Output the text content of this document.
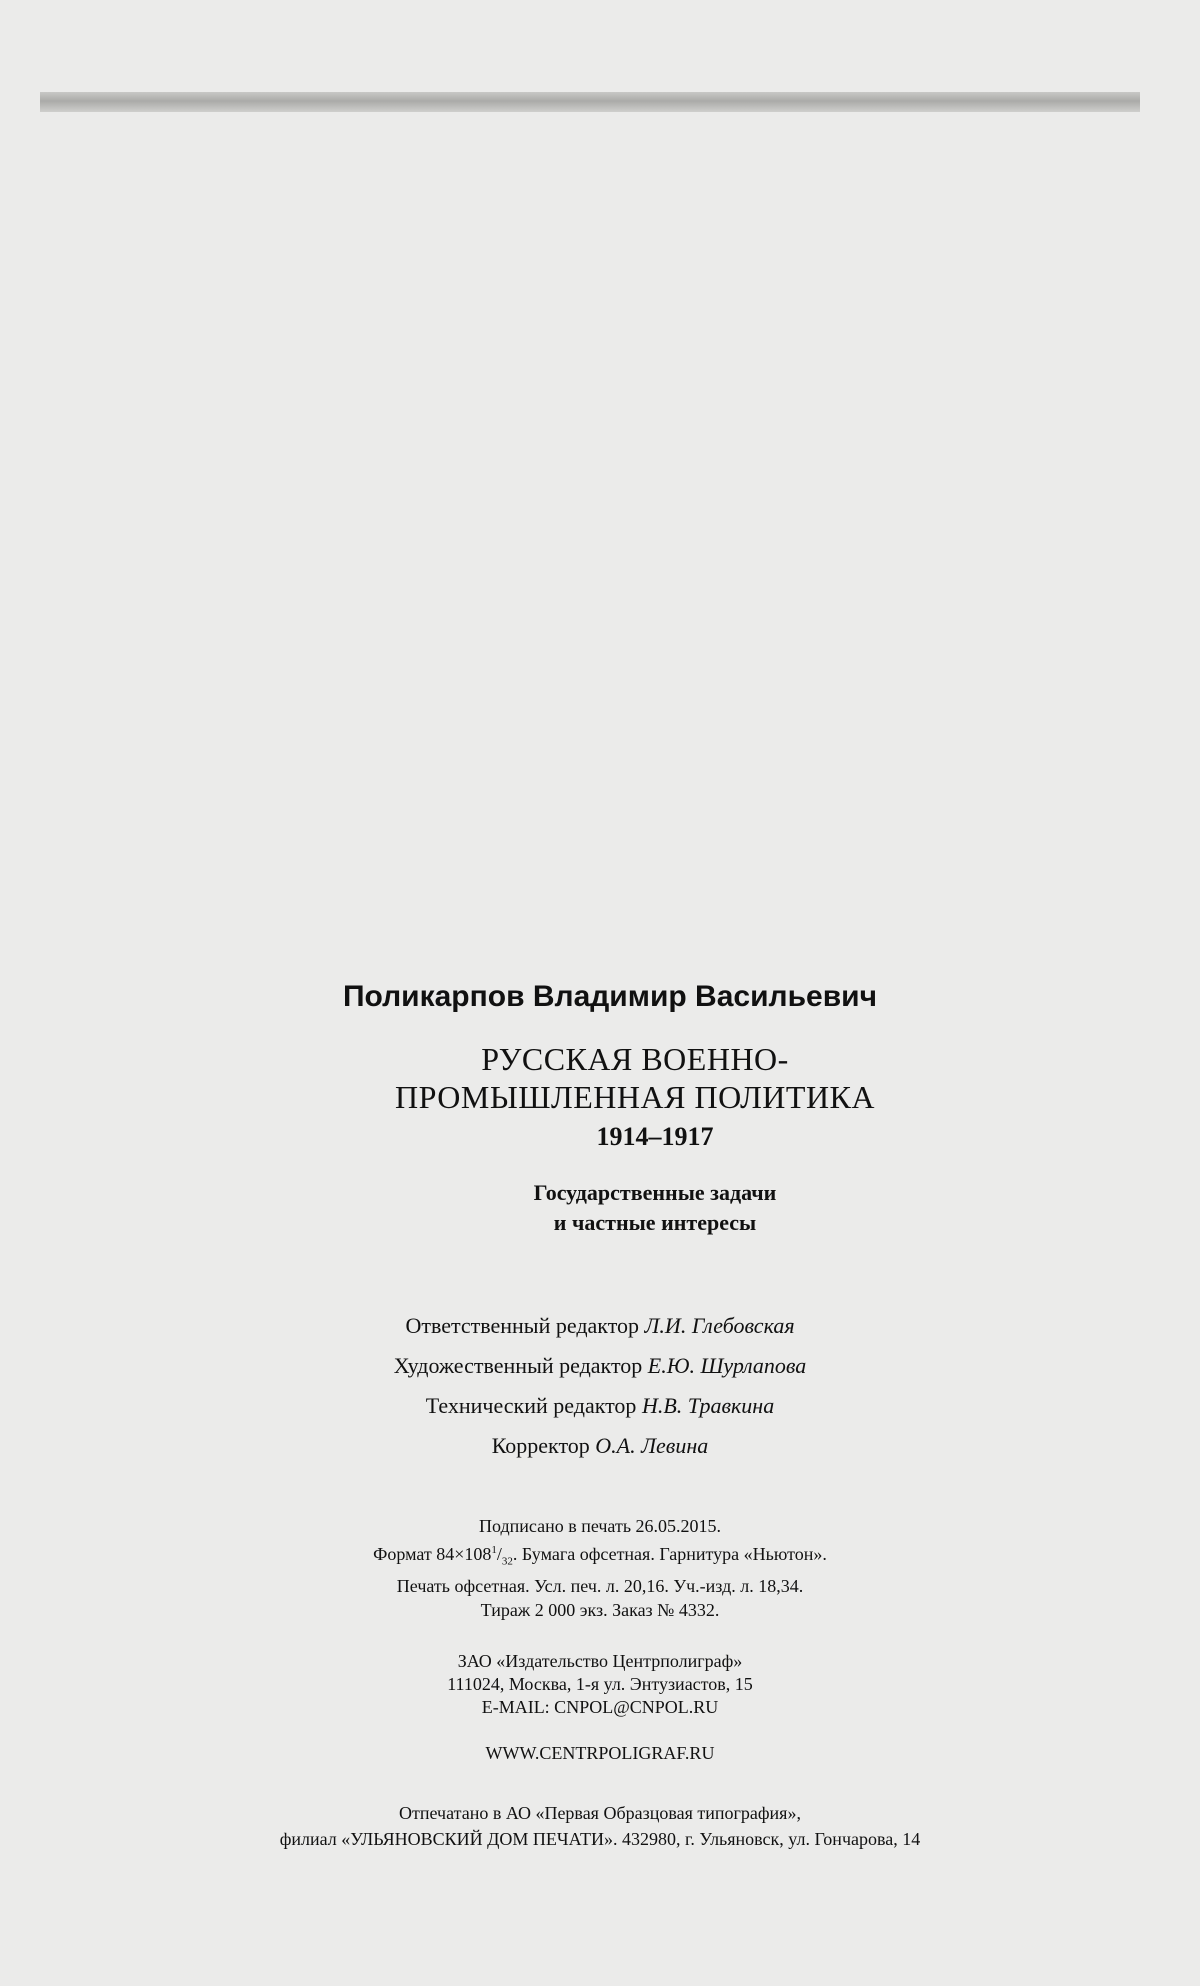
Поликарпов Владимир Васильевич
РУССКАЯ ВОЕННО-
ПРОМЫШЛЕННАЯ ПОЛИТИКА
1914–1917
Государственные задачи
и частные интересы
Ответственный редактор Л.И. Глебовская
Художественный редактор Е.Ю. Шурлапова
Технический редактор Н.В. Травкина
Корректор О.А. Левина
Подписано в печать 26.05.2015.
Формат $84\times 108^1/_{32}$. Бумага офсетная. Гарнитура «Ньютон».
Печать офсетная. Усл. печ. л. 20,16. Уч.-изд. л. 18,34.
Тираж 2 000 экз. Заказ № 4332.
ЗАО «Издательство Центрполиграф»
111024, Москва, 1-я ул. Энтузиастов, 15
E-MAIL: CNPOL@CNPOL.RU
WWW.CENTRPOLIGRAF.RU
Отпечатано в АО «Первая Образцовая типография»,
филиал «УЛЬЯНОВСКИЙ ДОМ ПЕЧАТИ». 432980, г. Ульяновск, ул. Гончарова, 14
